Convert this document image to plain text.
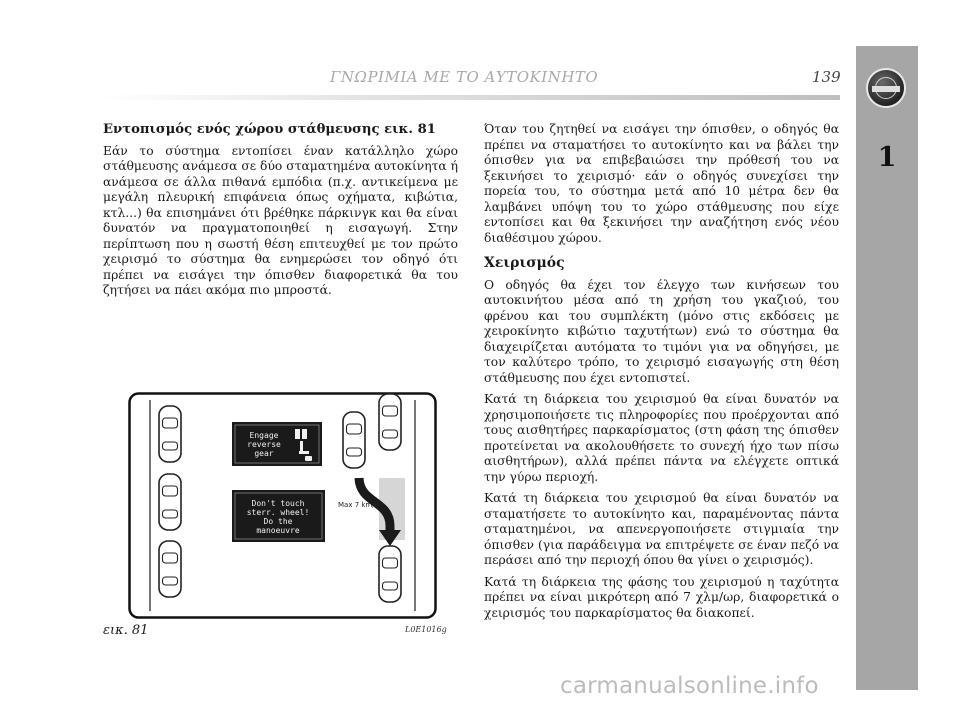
ΓΝΩΡΙΜΙΑ ΜΕ ΤΟ ΑΥΤΟΚΙΝΗΤΟ	139
1
Εντοπισμός ενός χώρου στάθμευσης εικ. 81

Εάν το σύστημα εντοπίσει έναν κατάλληλο χώρο στάθμευσης ανάμεσα σε δύο σταματημένα αυτοκίνητα ή ανάμεσα σε άλλα πιθανά εμπόδια (π.χ. αντικείμενα με μεγάλη πλευρική επιφάνεια όπως οχήματα, κιβώτια, κτλ...) θα επισημάνει ότι βρέθηκε πάρκινγκ και θα είναι δυνατόν να πραγματοποιηθεί η εισαγωγή. Στην περίπτωση που η σωστή θέση επιτευχθεί με τον πρώτο χειρισμό το σύστημα θα ενημερώσει τον οδηγό ότι πρέπει να εισάγει την όπισθεν διαφορετικά θα του ζητήσει να πάει ακόμα πιο μπροστά.

Όταν του ζητηθεί να εισάγει την όπισθεν, ο οδηγός θα πρέπει να σταματήσει το αυτοκίνητο και να βάλει την όπισθεν για να επιβεβαιώσει την πρόθεσή του να ξεκινήσει το χειρισμό· εάν ο οδηγός συνεχίσει την πορεία του, το σύστημα μετά από 10 μέτρα δεν θα λαμβάνει υπόψη του το χώρο στάθμευσης που είχε εντοπίσει και θα ξεκινήσει την αναζήτηση ενός νέου διαθέσιμου χώρου.

Χειρισμός

Ο οδηγός θα έχει τον έλεγχο των κινήσεων του αυτοκινήτου μέσα από τη χρήση του γκαζιού, του φρένου και του συμπλέκτη (μόνο στις εκδόσεις με χειροκίνητο κιβώτιο ταχυτήτων) ενώ το σύστημα θα διαχειρίζεται αυτόματα το τιμόνι για να οδηγήσει, με τον καλύτερο τρόπο, το χειρισμό εισαγωγής στη θέση στάθμευσης που έχει εντοπιστεί.

Κατά τη διάρκεια του χειρισμού θα είναι δυνατόν να χρησιμοποιήσετε τις πληροφορίες που προέρχονται από τους αισθητήρες παρκαρίσματος (στη φάση της όπισθεν προτείνεται να ακολουθήσετε το συνεχή ήχο των πίσω αισθητήρων), αλλά πρέπει πάντα να ελέγχετε οπτικά την γύρω περιοχή.

Κατά τη διάρκεια του χειρισμού θα είναι δυνατόν να σταματήσετε το αυτοκίνητο και, παραμένοντας πάντα σταματημένοι, να απενεργοποιήσετε στιγμιαία την όπισθεν (για παράδειγμα να επιτρέψετε σε έναν πεζό να περάσει από την περιοχή όπου θα γίνει ο χειρισμός).

Κατά τη διάρκεια της φάσης του χειρισμού η ταχύτητα πρέπει να είναι μικρότερη από 7 χλμ/ωρ, διαφορετικά ο χειρισμός του παρκαρίσματος θα διακοπεί.

Max 7 km/h
Engage
reverse
gear
Don't touch
sterr. wheel!
Do the
manoeuvre
εικ. 81	L0E1016g
carmanualsonline.info
